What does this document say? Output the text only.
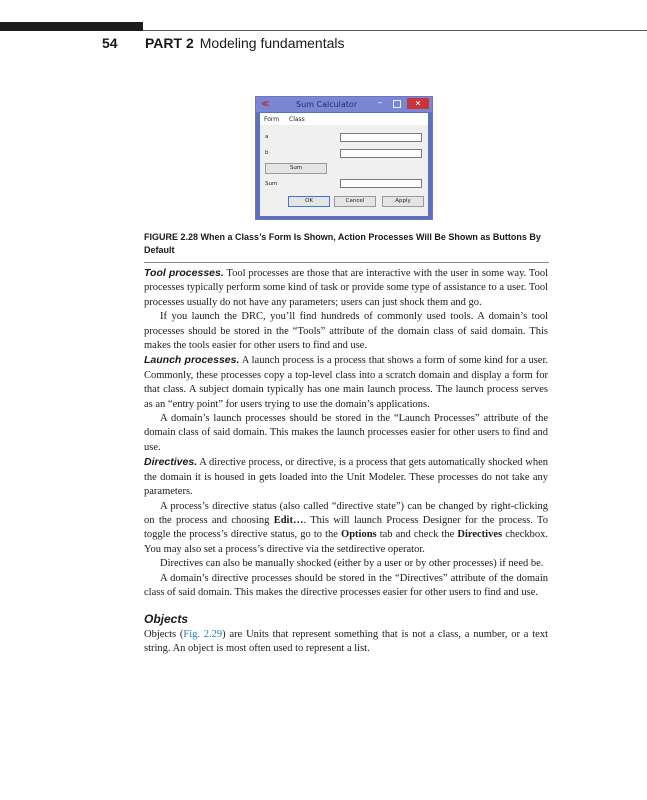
54 PART 2 Modeling fundamentals
≪	Sum Calculator –	✕
Form Class
a
b
Sum
Sum
OK	Cancel	Apply
FIGURE 2.28 When a Class’s Form Is Shown, Action Processes Will Be Shown as Buttons By Default

Tool processes. Tool processes are those that are interactive with the user in some way. Tool processes typically perform some kind of task or provide some type of assistance to a user. Tool processes usually do not have any parameters; users can just shock them and go.

If you launch the DRC, you’ll find hundreds of commonly used tools. A domain’s tool processes should be stored in the “Tools” attribute of the domain class of said domain. This makes the tools easier for other users to find and use.

Launch processes. A launch process is a process that shows a form of some kind for a user. Commonly, these processes copy a top-level class into a scratch domain and display a form for that class. A subject domain typically has one main launch process. The launch process serves as an “entry point” for users trying to use the domain’s applications.

A domain’s launch processes should be stored in the “Launch Processes” attribute of the domain class of said domain. This makes the launch processes easier for other users to find and use.

Directives. A directive process, or directive, is a process that gets automatically shocked when the domain it is housed in gets loaded into the Unit Modeler. These processes do not take any parameters.

A process’s directive status (also called “directive state”) can be changed by right-clicking on the process and choosing Edit…. This will launch Process Designer for the process. To toggle the process’s directive status, go to the Options tab and check the Directives checkbox. You may also set a process’s directive via the setdirective operator.

Directives can also be manually shocked (either by a user or by other processes) if need be.

A domain’s directive processes should be stored in the “Directives” attribute of the domain class of said domain. This makes the directive processes easier for other users to find and use.

Objects

Objects (Fig. 2.29) are Units that represent something that is not a class, a number, or a text string. An object is most often used to represent a list.
